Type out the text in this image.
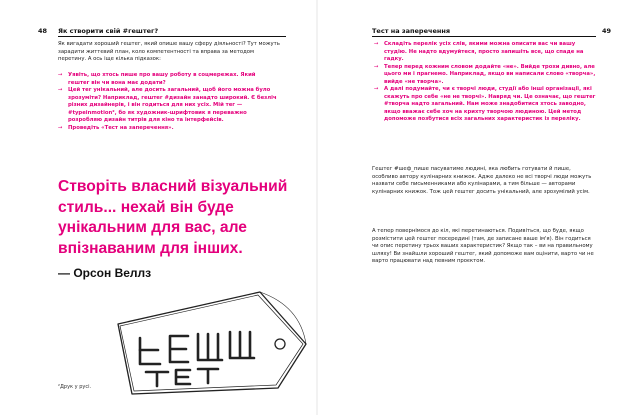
48 Як створити свій #гештег?
Як вигадати хороший гештег, який опише вашу сферу діяльності? Тут можуть зарадити життєвий план, коло компетентності та вправа за методом перетину. А ось іще кілька підказок:
→ Уявіть, що хтось пише про вашу роботу в соцмережах. Який гештег він чи вона має додати?
→ Цей тег унікальний, але досить загальний, щоб його можна було зрозуміти? Наприклад, гештег #дизайн занадто широкий. Є безліч різних дизайнерів, і він годиться для них усіх. Мій тег — #typeinmotion², бо як художник-шрифтовик я переважно розробляю дизайн титрів для кіно та інтерфейсів.
→ Проведіть «Тест на заперечення».
Створіть власний візуальний стиль... нехай він буде унікальним для вас, але впізнаваним для інших.
— Орсон Веллз
²Друк у русі.
49
Тест на заперечення
→ Складіть перелік усіх слів, якими можна описати вас чи вашу студію. Не надто вдумуйтеся, просто запишіть все, що спаде на гадку.
→ Тепер перед кожним словом додайте «не». Вийде трохи дивно, але цього ми і прагнемо. Наприклад, якщо ви написали слово «творча», вийде «не творча».
→ А далі подумайте, чи є творчі люди, студії або інші організації, які скажуть про себе «не не творчі». Навряд чи. Це означає, що гештег #творча надто загальний. Нам може знадобитися хтось заводно, якщо вважає себе хоч на крихту творчою людиною. Цей метод допоможе позбутися всіх загальних характеристик із переліку.
Гештег #шеф_пише пасуватиме людині, яка любить готувати й пише, особливо автору кулінарних книжок. Адже далеко не всі творчі люди можуть назвати себе письменниками або кулінарами, а тим більше — авторами кулінарних книжок. Тож цей гештег досить унікальний, але зрозумілий усім.
А тепер повернімося до кіл, які перетинаються. Подивіться, що буде, якщо розмістити цей гештег посередині (там, де записане ваше ім'я). Він годиться чи опис перетину трьох ваших характеристик? Якщо так – ви на правильному шляху! Ви знайшли хороший гештег, який допоможе вам оцінити, варто чи не варто працювати над певним проєктом.
